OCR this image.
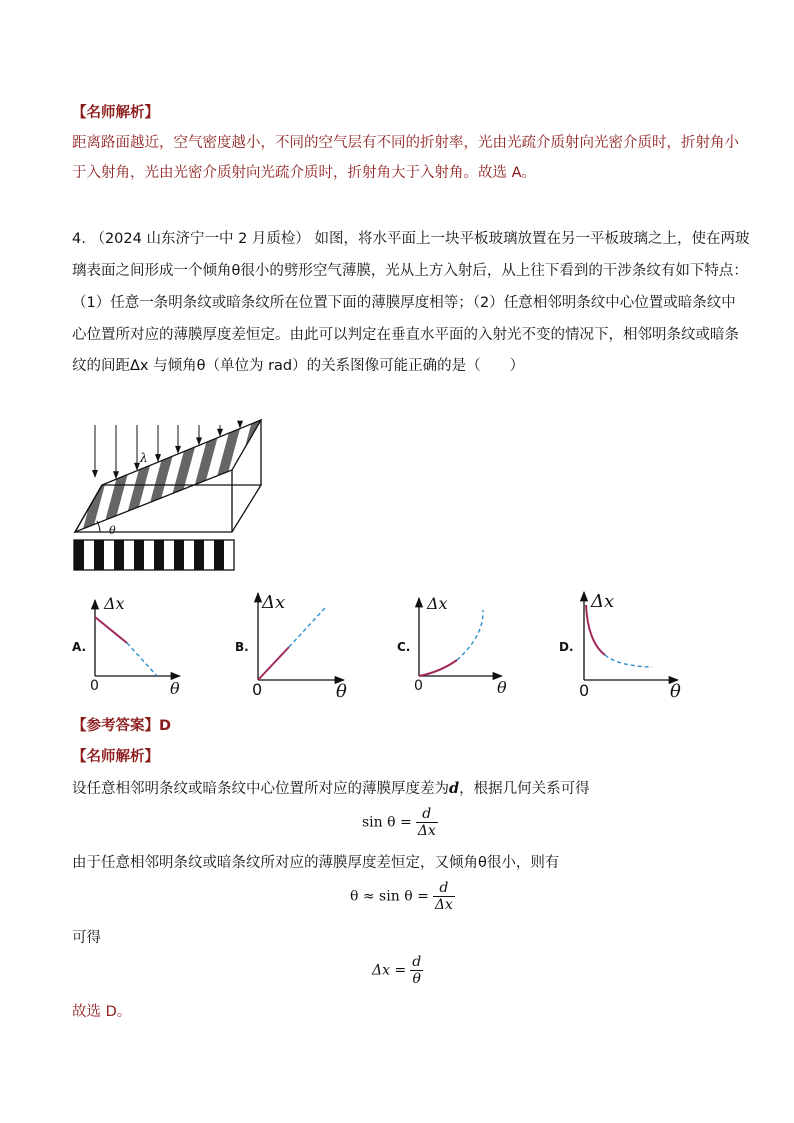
【名师解析】
距离路面越近，空气密度越小，不同的空气层有不同的折射率，光由光疏介质射向光密介质时，折射角小
于入射角，光由光密介质射向光疏介质时，折射角大于入射角。故选 A。
4. （2024 山东济宁一中 2 月质检） 如图，将水平面上一块平板玻璃放置在另一平板玻璃之上，使在两玻
璃表面之间形成一个倾角θ很小的劈形空气薄膜，光从上方入射后，从上往下看到的干涉条纹有如下特点：
（1）任意一条明条纹或暗条纹所在位置下面的薄膜厚度相等；（2）任意相邻明条纹中心位置或暗条纹中
心位置所对应的薄膜厚度差恒定。由此可以判定在垂直水平面的入射光不变的情况下，相邻明条纹或暗条
纹的间距Δx 与倾角θ（单位为 rad）的关系图像可能正确的是（　　）
θ
λ
A.	B.	C.	D.
Δx
θ
0
Δx
θ
0
Δx
θ
0
Δx
θ
0
【参考答案】D
【名师解析】
设任意相邻明条纹或暗条纹中心位置所对应的薄膜厚度差为d，根据几何关系可得
$\sin \theta = \frac{d}{\Delta x}$
由于任意相邻明条纹或暗条纹所对应的薄膜厚度差恒定，又倾角θ很小，则有
$\theta \approx \sin \theta = \frac{d}{\Delta x}$
可得
$\Delta x = \frac{d}{\theta}$
故选 D。
